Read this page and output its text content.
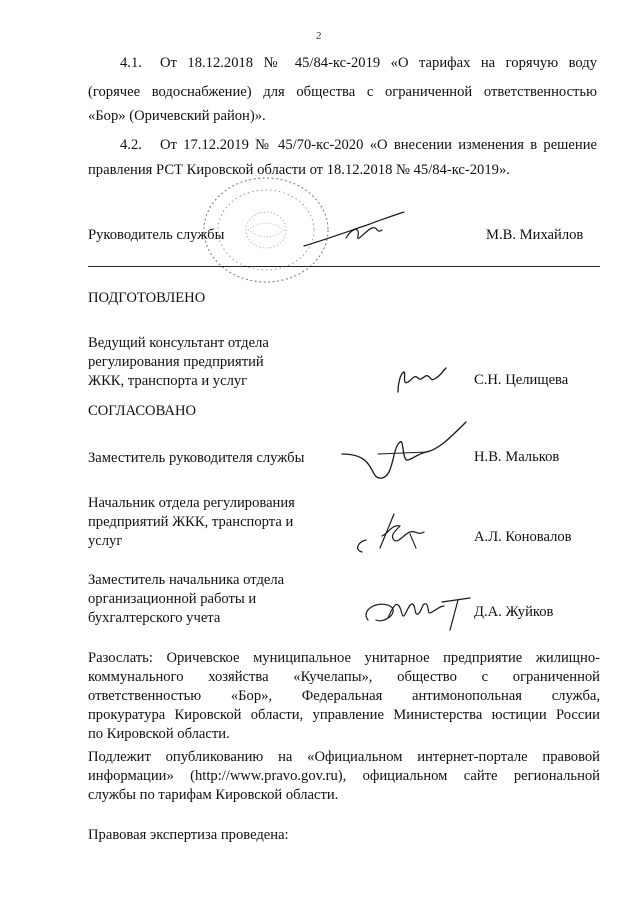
2
4.1. От 18.12.2018 № 45/84-кс-2019 «О тарифах на горячую воду
(горячее водоснабжение) для общества с ограниченной ответственностью
«Бор» (Оричевский район)».
4.2. От 17.12.2019 № 45/70-кс-2020 «О внесении изменения в решение
правления РСТ Кировской области от 18.12.2018 № 45/84-кс-2019».
Руководитель службы	М.В. Михайлов
ПОДГОТОВЛЕНО
Ведущий консультант отдела
регулирования предприятий
ЖКК, транспорта и услуг	С.Н. Целищева
СОГЛАСОВАНО
Заместитель руководителя службы	Н.В. Мальков
Начальник отдела регулирования
предприятий ЖКК, транспорта и
услуг	А.Л. Коновалов
Заместитель начальника отдела
организационной работы и
бухгалтерского учета	Д.А. Жуйков
Разослать: Оричевское муниципальное унитарное предприятие жилищно-
коммунального хозяйства «Кучелапы», общество с ограниченной
ответственностью «Бор», Федеральная антимонопольная служба,
прокуратура Кировской области, управление Министерства юстиции России
по Кировской области.
Подлежит опубликованию на «Официальном интернет-портале правовой
информации» (http://www.pravo.gov.ru), официальном сайте региональной
службы по тарифам Кировской области.
Правовая экспертиза проведена:
